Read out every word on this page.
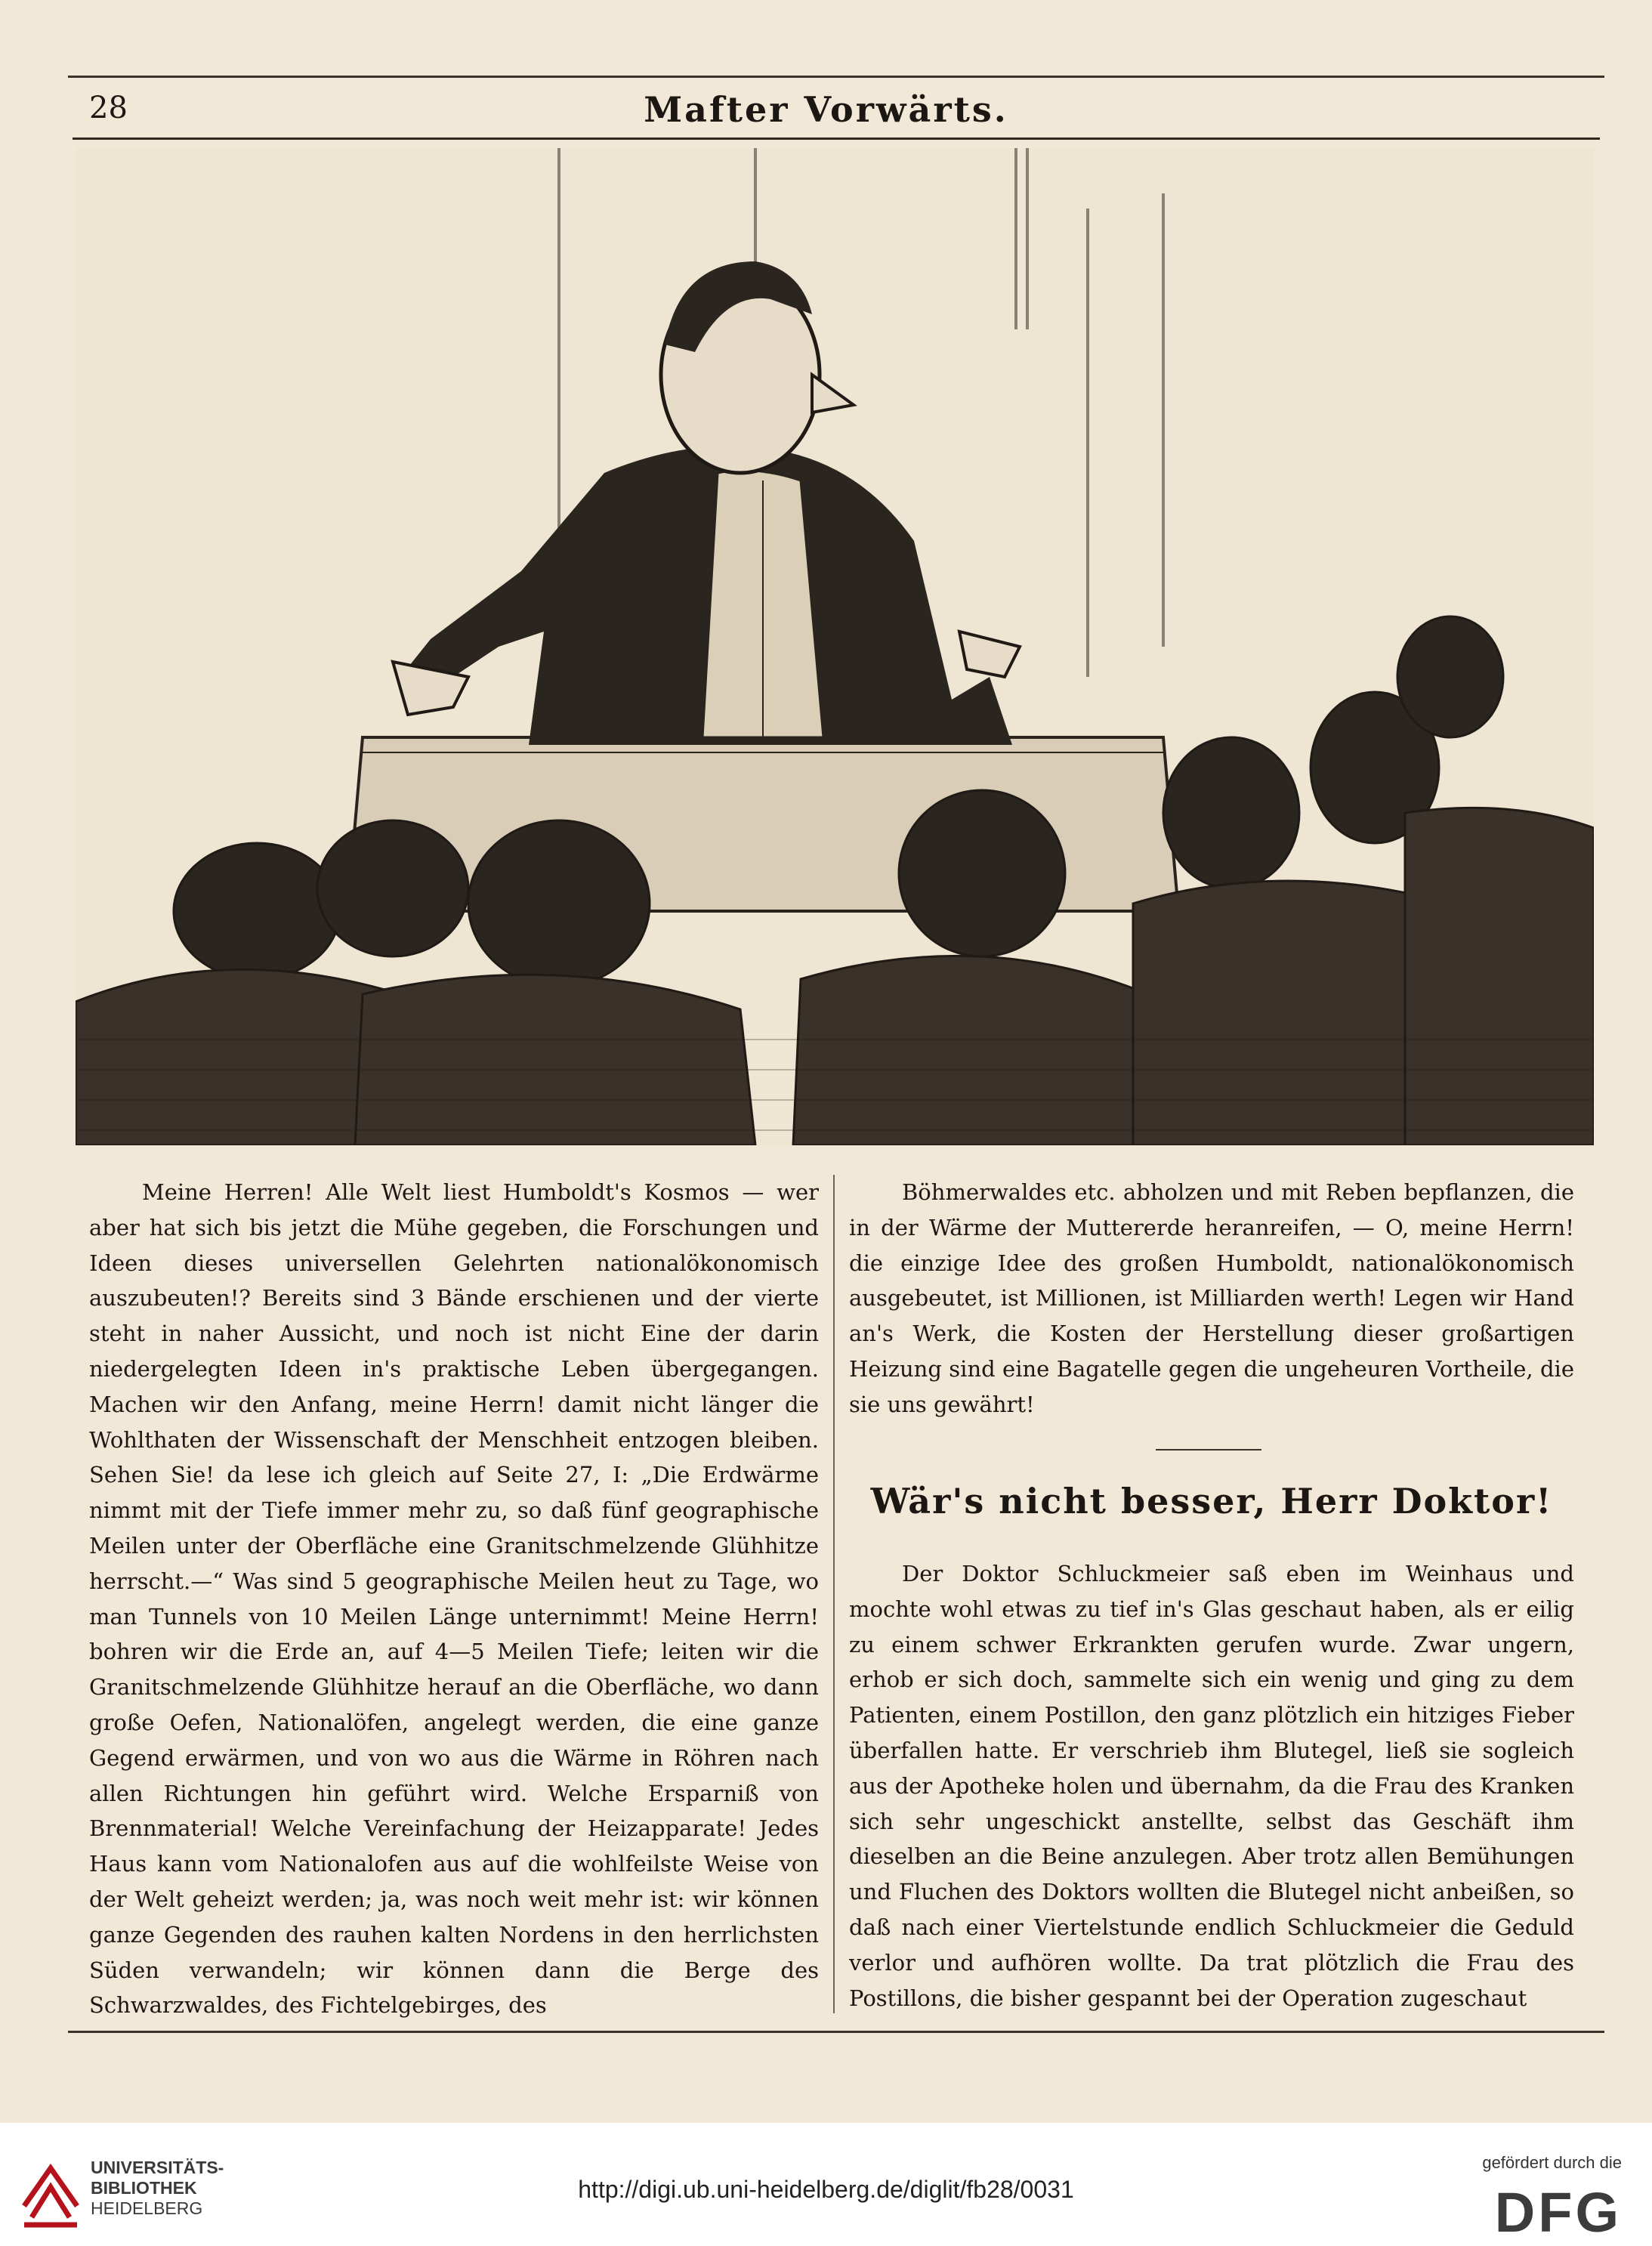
28	Mafter Vorwärts.

Meine Herren! Alle Welt liest Humboldt's Kosmos — wer aber hat sich bis jetzt die Mühe gegeben, die Forschungen und Ideen dieses universellen Gelehrten nationalökonomisch auszubeuten!? Bereits sind 3 Bände erschienen und der vierte steht in naher Aussicht, und noch ist nicht Eine der darin niedergelegten Ideen in's praktische Leben übergegangen. Machen wir den Anfang, meine Herrn! damit nicht länger die Wohlthaten der Wissenschaft der Menschheit entzogen bleiben. Sehen Sie! da lese ich gleich auf Seite 27, I: „Die Erdwärme nimmt mit der Tiefe immer mehr zu, so daß fünf geographische Meilen unter der Oberfläche eine Granitschmelzende Glühhitze herrscht.—“ Was sind 5 geographische Meilen heut zu Tage, wo man Tunnels von 10 Meilen Länge unternimmt! Meine Herrn! bohren wir die Erde an, auf 4—5 Meilen Tiefe; leiten wir die Granitschmelzende Glühhitze herauf an die Oberfläche, wo dann große Oefen, Nationalöfen, angelegt werden, die eine ganze Gegend erwärmen, und von wo aus die Wärme in Röhren nach allen Richtungen hin geführt wird. Welche Ersparniß von Brennmaterial! Welche Vereinfachung der Heizapparate! Jedes Haus kann vom Nationalofen aus auf die wohlfeilste Weise von der Welt geheizt werden; ja, was noch weit mehr ist: wir können ganze Gegenden des rauhen kalten Nordens in den herrlichsten Süden verwandeln; wir können dann die Berge des Schwarzwaldes, des Fichtelgebirges, des

Böhmerwaldes etc. abholzen und mit Reben bepflanzen, die in der Wärme der Muttererde heranreifen, — O, meine Herrn! die einzige Idee des großen Humboldt, nationalökonomisch ausgebeutet, ist Millionen, ist Milliarden werth! Legen wir Hand an's Werk, die Kosten der Herstellung dieser großartigen Heizung sind eine Bagatelle gegen die ungeheuren Vortheile, die sie uns gewährt!

Wär's nicht besser, Herr Doktor!

Der Doktor Schluckmeier saß eben im Weinhaus und mochte wohl etwas zu tief in's Glas geschaut haben, als er eilig zu einem schwer Erkrankten gerufen wurde. Zwar ungern, erhob er sich doch, sammelte sich ein wenig und ging zu dem Patienten, einem Postillon, den ganz plötzlich ein hitziges Fieber überfallen hatte. Er verschrieb ihm Blutegel, ließ sie sogleich aus der Apotheke holen und übernahm, da die Frau des Kranken sich sehr ungeschickt anstellte, selbst das Geschäft ihm dieselben an die Beine anzulegen. Aber trotz allen Bemühungen und Fluchen des Doktors wollten die Blutegel nicht anbeißen, so daß nach einer Viertelstunde endlich Schluckmeier die Geduld verlor und aufhören wollte. Da trat plötzlich die Frau des Postillons, die bisher gespannt bei der Operation zugeschaut

UNIVERSITÄTS-
BIBLIOTHEK
HEIDELBERG
http://digi.ub.uni-heidelberg.de/diglit/fb28/0031
gefördert durch die
DFG
